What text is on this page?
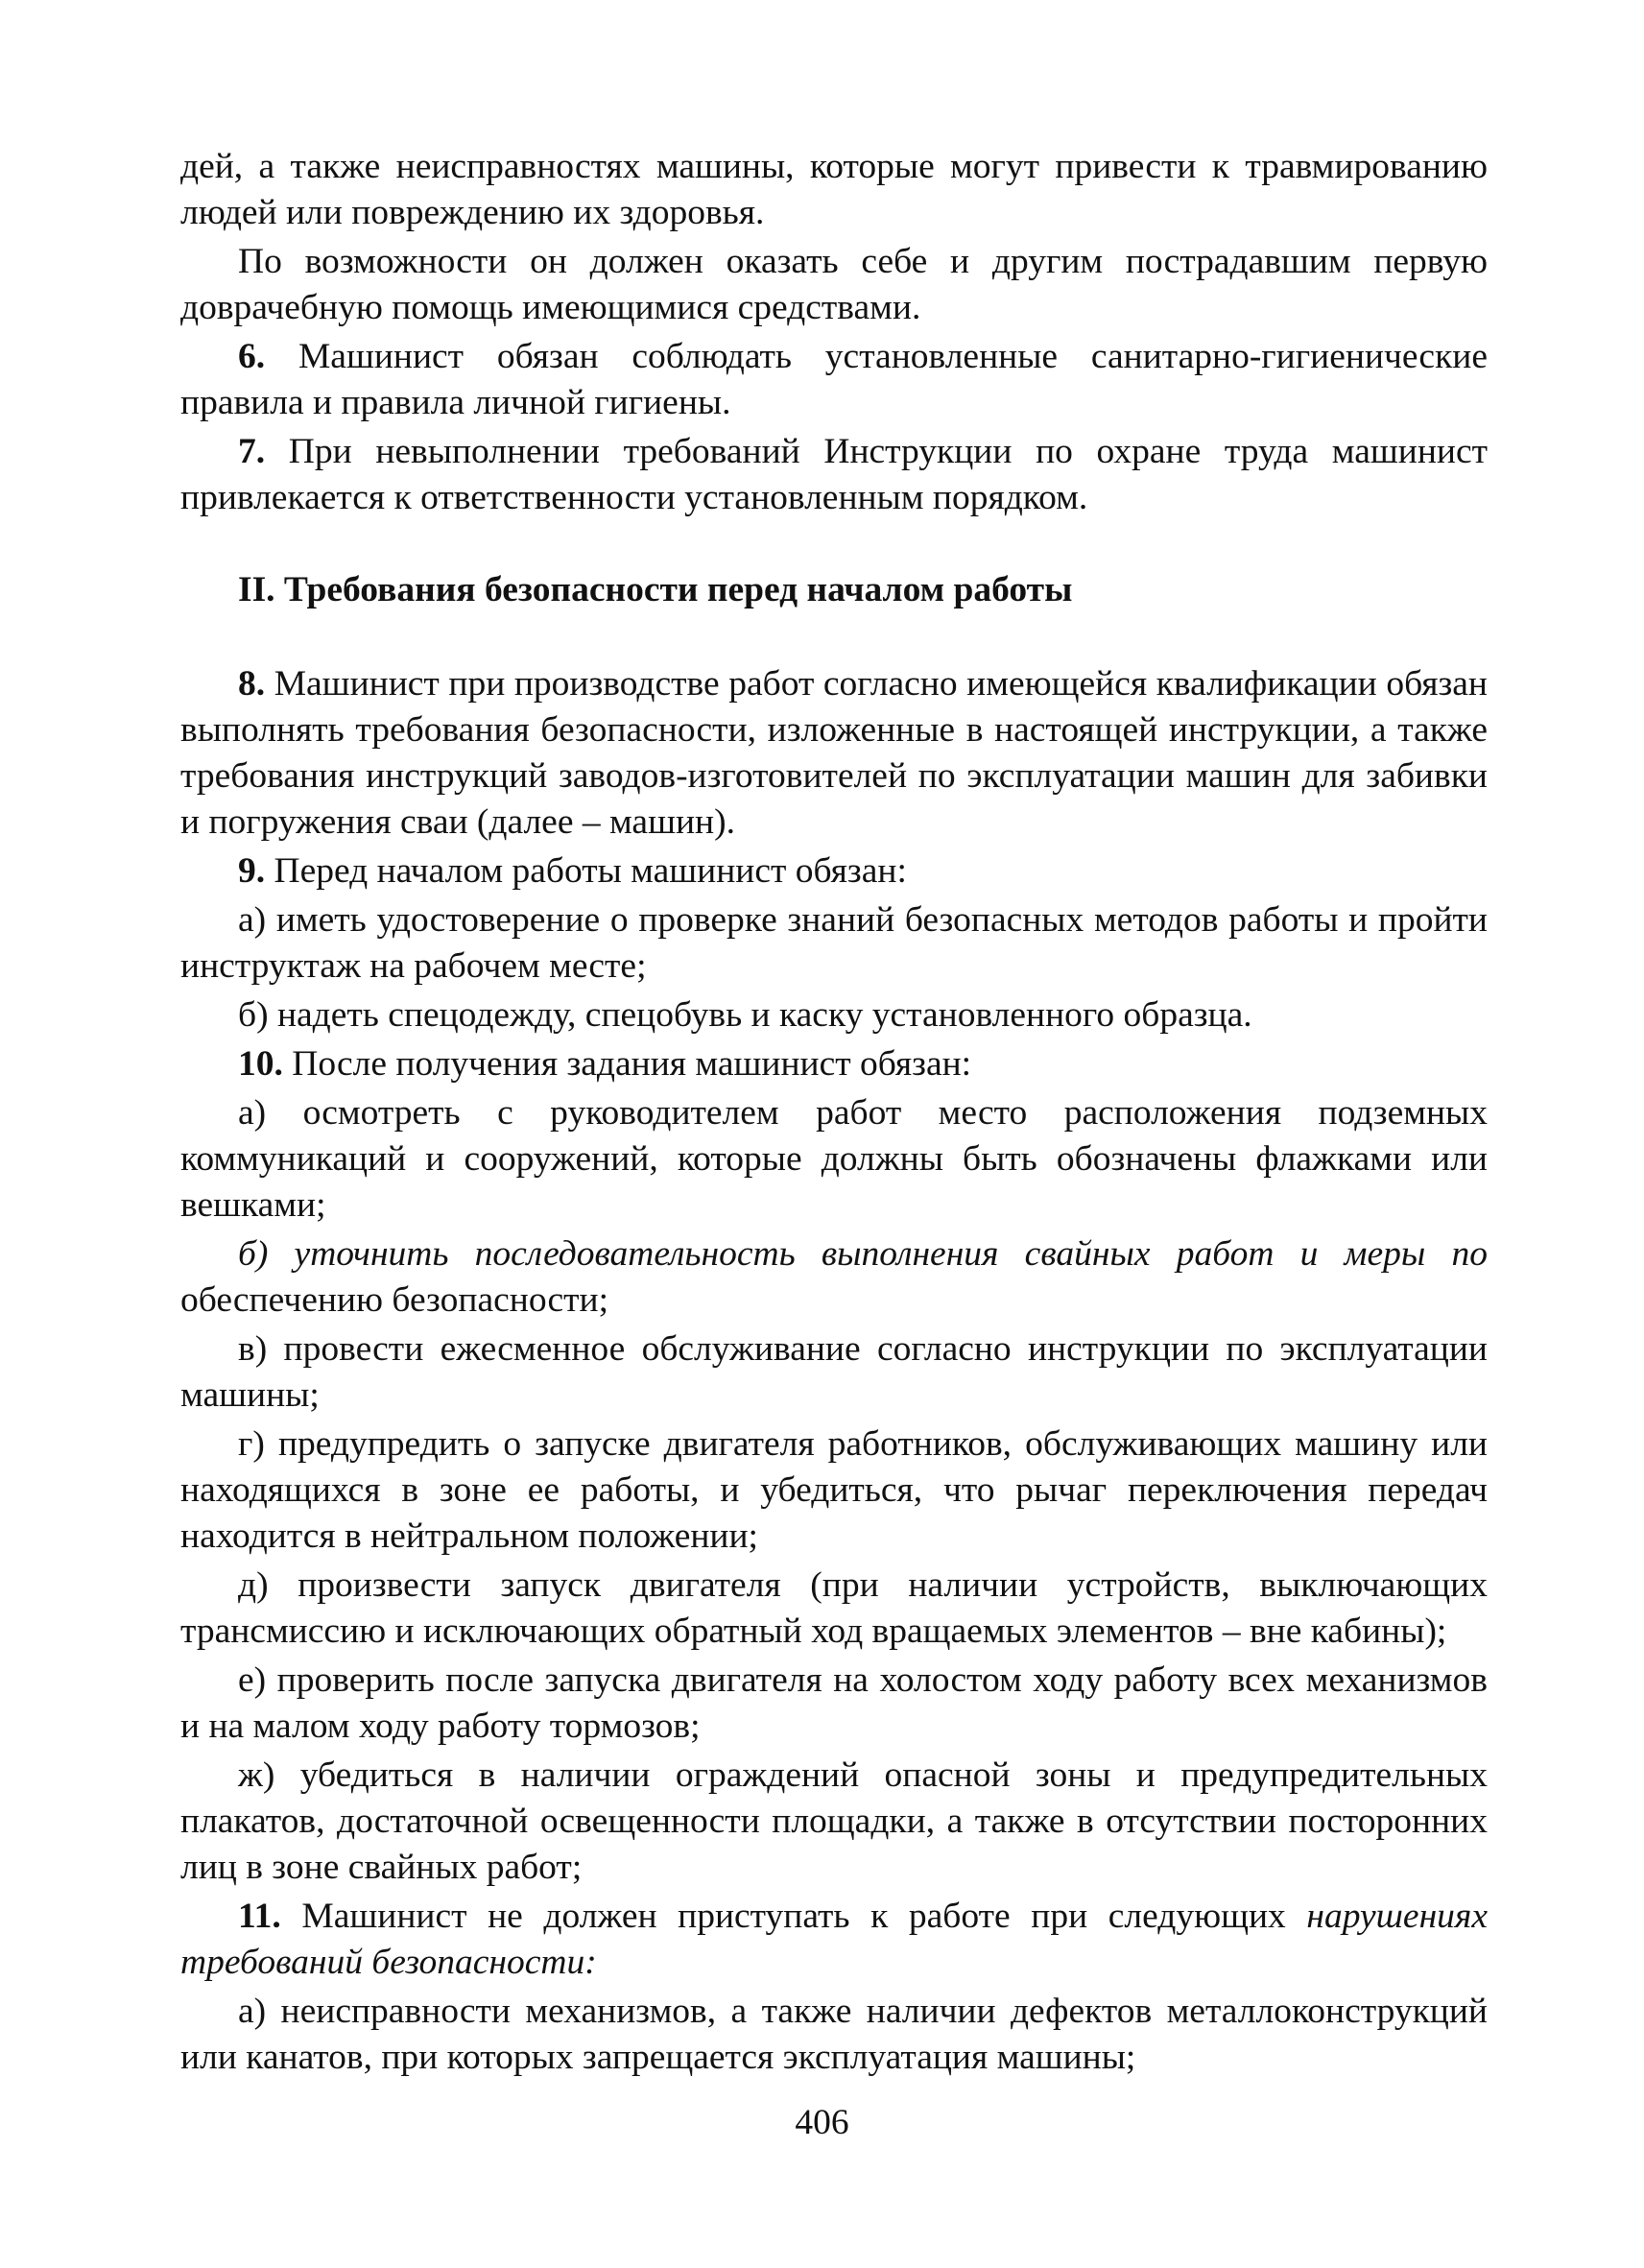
дей, а также неисправностях машины, которые могут привести к травмированию людей или повреждению их здоровья.

По возможности он должен оказать себе и другим пострадавшим первую доврачебную помощь имеющимися средствами.

6. Машинист обязан соблюдать установленные санитарно-гигиенические правила и правила личной гигиены.

7. При невыполнении требований Инструкции по охране труда машинист привлекается к ответственности установленным порядком.

II. Требования безопасности перед началом работы

8. Машинист при производстве работ согласно имеющейся квалификации обязан выполнять требования безопасности, изложенные в настоящей инструкции, а также требования инструкций заводов-изготовителей по эксплуатации машин для забивки и погружения сваи (далее – машин).

9. Перед началом работы машинист обязан:

а) иметь удостоверение о проверке знаний безопасных методов работы и пройти инструктаж на рабочем месте;

б) надеть спецодежду, спецобувь и каску установленного образца.

10. После получения задания машинист обязан:

а) осмотреть с руководителем работ место расположения подземных коммуникаций и сооружений, которые должны быть обозначены флажками или вешками;

б) уточнить последовательность выполнения свайных работ и меры по обеспечению безопасности;

в) провести ежесменное обслуживание согласно инструкции по эксплуатации машины;

г) предупредить о запуске двигателя работников, обслуживающих машину или находящихся в зоне ее работы, и убедиться, что рычаг переключения передач находится в нейтральном положении;

д) произвести запуск двигателя (при наличии устройств, выключающих трансмиссию и исключающих обратный ход вращаемых элементов – вне кабины);

е) проверить после запуска двигателя на холостом ходу работу всех механизмов и на малом ходу работу тормозов;

ж) убедиться в наличии ограждений опасной зоны и предупредительных плакатов, достаточной освещенности площадки, а также в отсутствии посторонних лиц в зоне свайных работ;

11. Машинист не должен приступать к работе при следующих нарушениях требований безопасности:

а) неисправности механизмов, а также наличии дефектов металлоконструкций или канатов, при которых запрещается эксплуатация машины;

406
